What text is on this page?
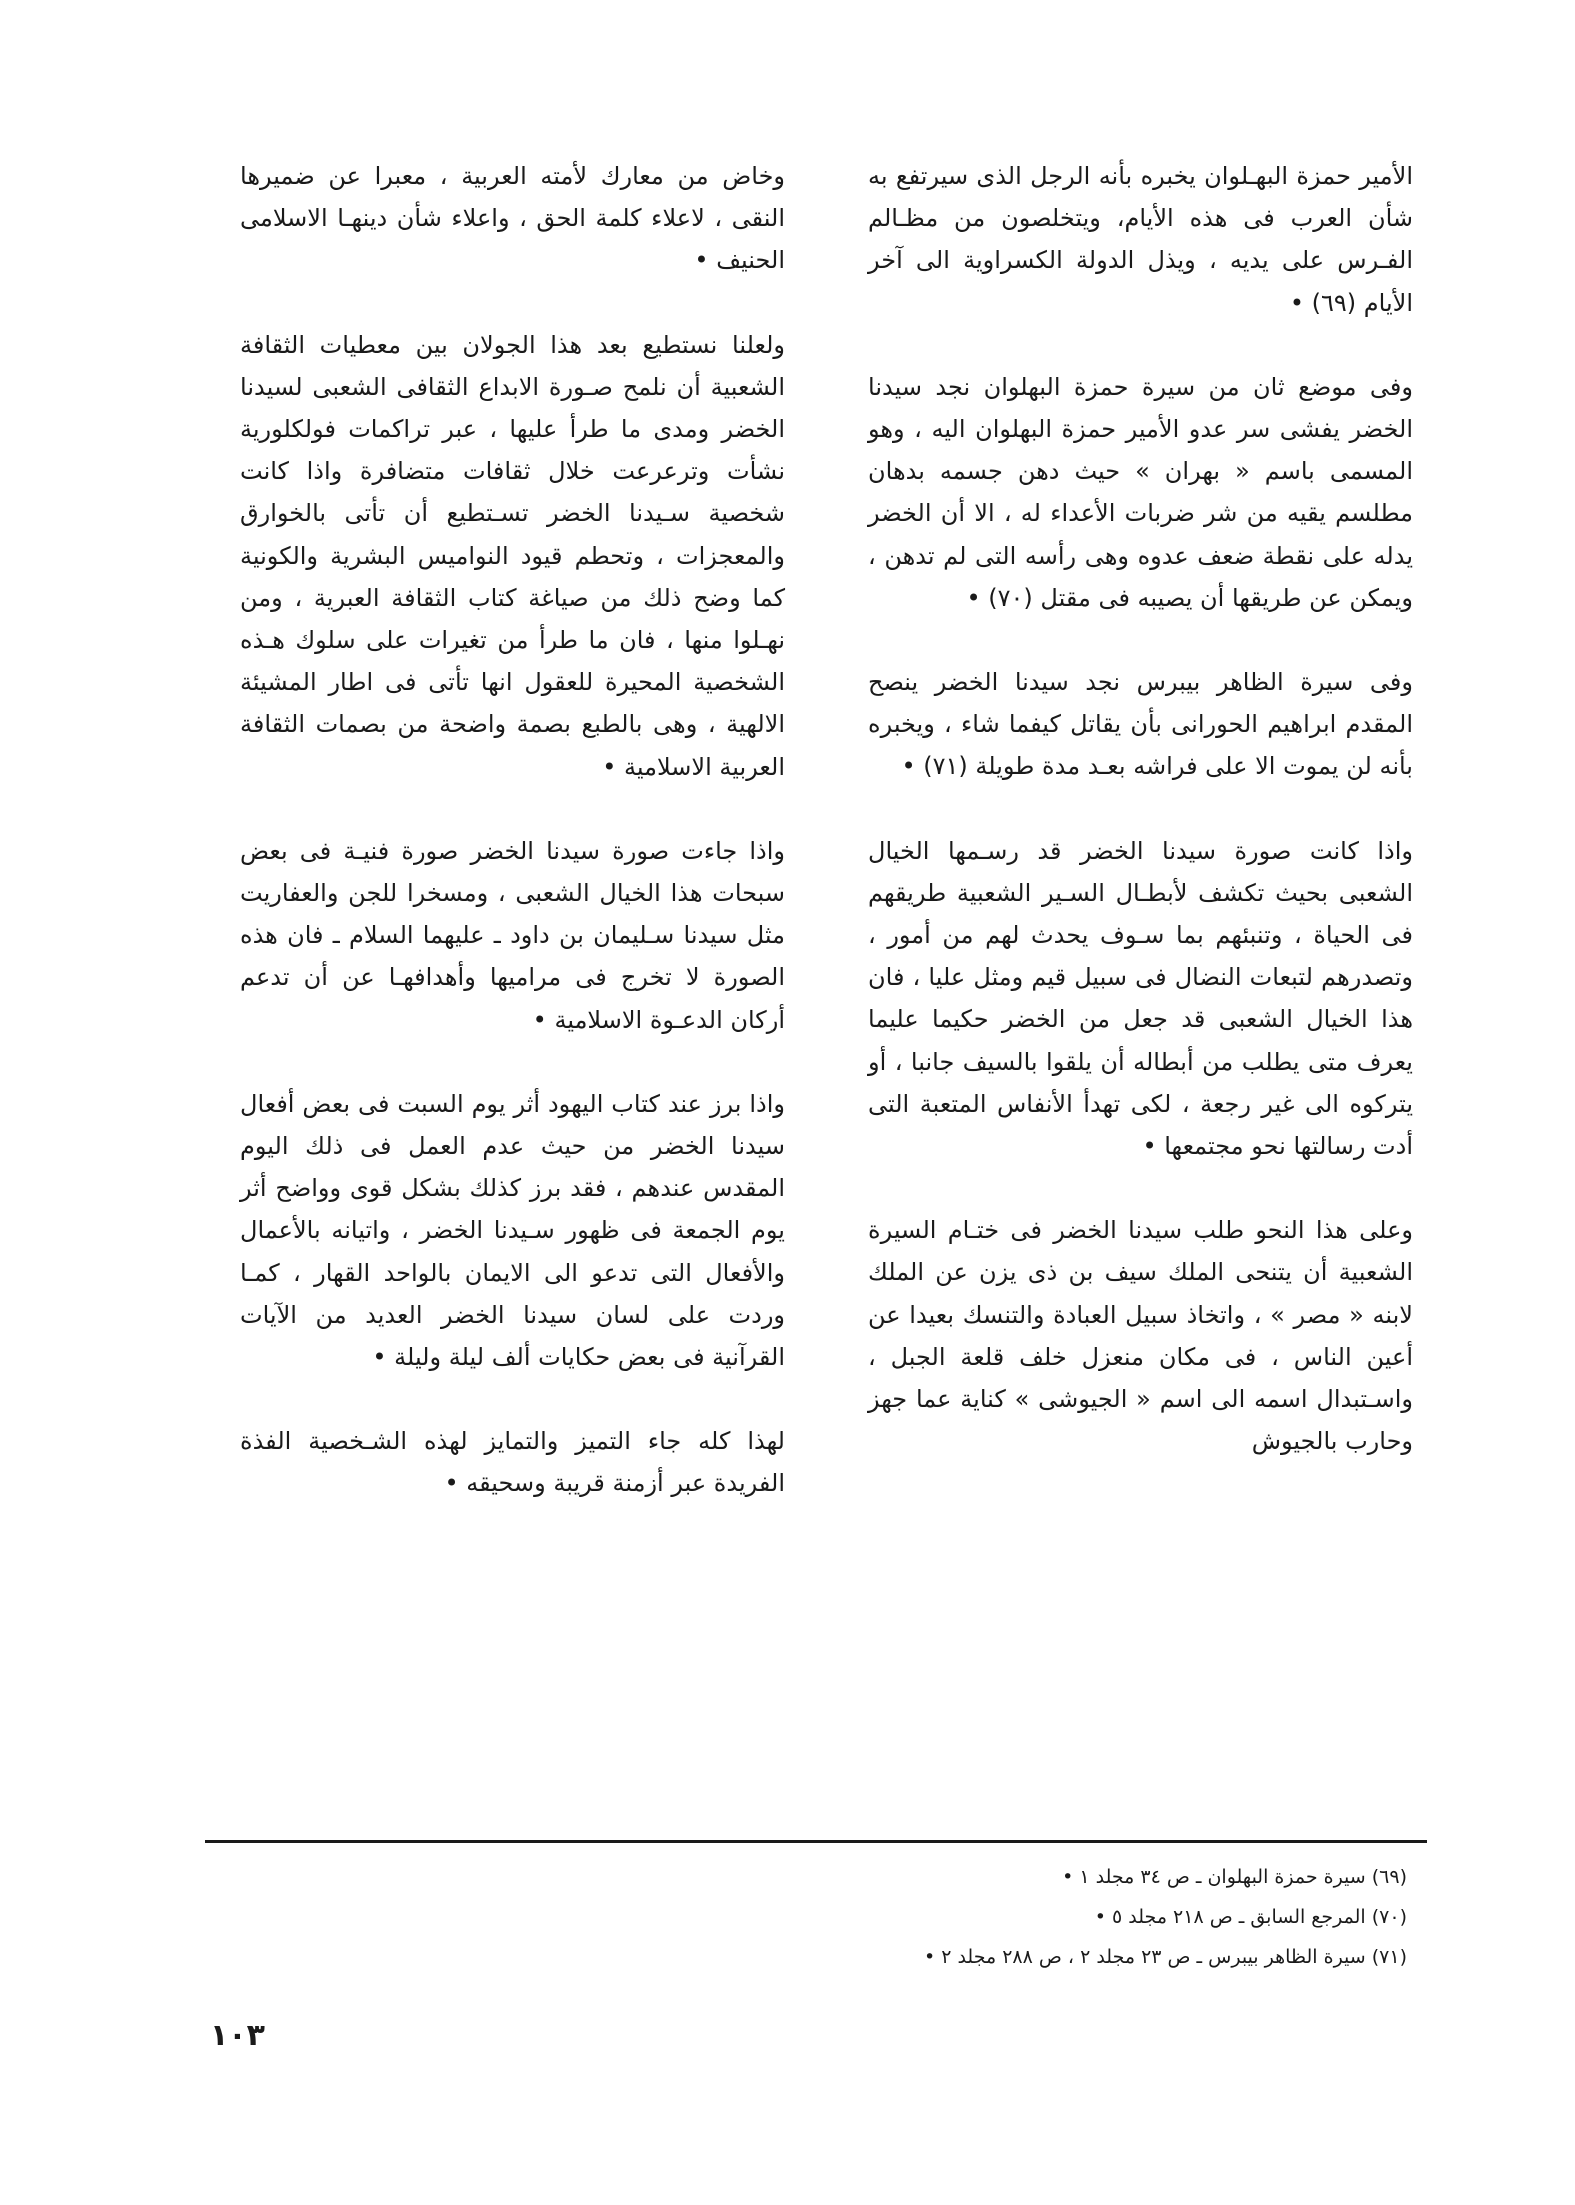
الأمير حمزة البهـلوان يخبره بأنه الرجل الذى سيرتفع به شأن العرب فى هذه الأيام، ويتخلصون من مظـالم الفـرس على يديه ، ويذل الدولة الكسراوية الى آخر الأيام (٦٩) •

وفى موضع ثان من سيرة حمزة البهلوان نجد سيدنا الخضر يفشى سر عدو الأمير حمزة البهلوان اليه ، وهو المسمى باسم « بهران » حيث دهن جسمه بدهان مطلسم يقيه من شر ضربات الأعداء له ، الا أن الخضر يدله على نقطة ضعف عدوه وهى رأسه التى لم تدهن ، ويمكن عن طريقها أن يصيبه فى مقتل (٧٠) •

وفى سيرة الظاهر بيبرس نجد سيدنا الخضر ينصح المقدم ابراهيم الحورانى بأن يقاتل كيفما شاء ، ويخبره بأنه لن يموت الا على فراشه بعـد مدة طويلة (٧١) •

واذا كانت صورة سيدنا الخضر قد رسـمها الخيال الشعبى بحيث تكشف لأبطـال السـير الشعبية طريقهم فى الحياة ، وتنبئهم بما سـوف يحدث لهم من أمور ، وتصدرهم لتبعات النضال فى سبيل قيم ومثل عليا ، فان هذا الخيال الشعبى قد جعل من الخضر حكيما عليما يعرف متى يطلب من أبطاله أن يلقوا بالسيف جانبا ، أو يتركوه الى غير رجعة ، لكى تهدأ الأنفاس المتعبة التى أدت رسالتها نحو مجتمعها •

وعلى هذا النحو طلب سيدنا الخضر فى ختـام السيرة الشعبية أن يتنحى الملك سيف بن ذى يزن عن الملك لابنه « مصر » ، واتخاذ سبيل العبادة والتنسك بعيدا عن أعين الناس ، فى مكان منعزل خلف قلعة الجبل ، واسـتبدال اسمه الى اسم « الجيوشى » كناية عما جهز وحارب بالجيوش

وخاض من معارك لأمته العربية ، معبرا عن ضميرها النقى ، لاعلاء كلمة الحق ، واعلاء شأن دينهـا الاسلامى الحنيف •

ولعلنا نستطيع بعد هذا الجولان بين معطيات الثقافة الشعبية أن نلمح صـورة الابداع الثقافى الشعبى لسيدنا الخضر ومدى ما طرأ عليها ، عبر تراكمات فولكلورية نشأت وترعرعت خلال ثقافات متضافرة واذا كانت شخصية سـيدنا الخضر تسـتطيع أن تأتى بالخوارق والمعجزات ، وتحطم قيود النواميس البشرية والكونية كما وضح ذلك من صياغة كتاب الثقافة العبرية ، ومن نهـلوا منها ، فان ما طرأ من تغيرات على سلوك هـذه الشخصية المحيرة للعقول انها تأتى فى اطار المشيئة الالهية ، وهى بالطبع بصمة واضحة من بصمات الثقافة العربية الاسلامية •

واذا جاءت صورة سيدنا الخضر صورة فنيـة فى بعض سبحات هذا الخيال الشعبى ، ومسخرا للجن والعفاريت مثل سيدنا سـليمان بن داود ـ عليهما السلام ـ فان هذه الصورة لا تخرج فى مراميها وأهدافهـا عن أن تدعم أركان الدعـوة الاسلامية •

واذا برز عند كتاب اليهود أثر يوم السبت فى بعض أفعال سيدنا الخضر من حيث عدم العمل فى ذلك اليوم المقدس عندهم ، فقد برز كذلك بشكل قوى وواضح أثر يوم الجمعة فى ظهور سـيدنا الخضر ، واتيانه بالأعمال والأفعال التى تدعو الى الايمان بالواحد القهار ، كمـا وردت على لسان سيدنا الخضر العديد من الآيات القرآنية فى بعض حكايات ألف ليلة وليلة •

لهذا كله جاء التميز والتمايز لهذه الشـخصية الفذة الفريدة عبر أزمنة قريبة وسحيقه •

(٦٩) سيرة حمزة البهلوان ـ ص ٣٤ مجلد ١ •
(٧٠) المرجع السابق ـ ص ٢١٨ مجلد ٥ •
(٧١) سيرة الظاهر بيبرس ـ ص ٢٣ مجلد ٢ ، ص ٢٨٨ مجلد ٢ •
١٠٣
